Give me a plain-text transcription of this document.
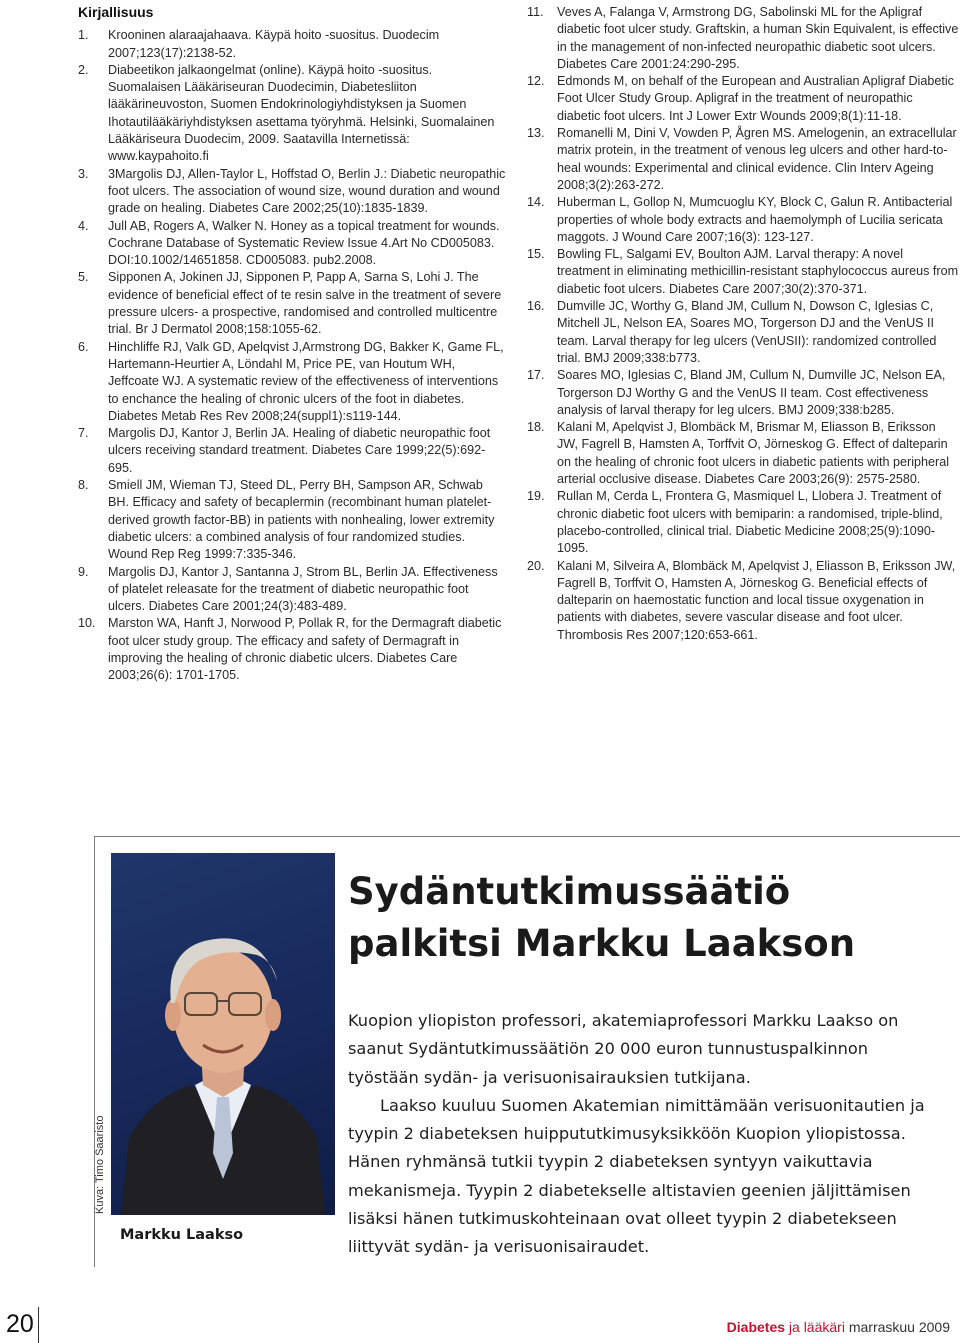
Kirjallisuus
1. Krooninen alaraajahaava. Käypä hoito -suositus. Duodecim 2007;123(17):2138-52.
2. Diabeetikon jalkaongelmat (online). Käypä hoito -suositus. Suomalaisen Lääkäriseuran Duodecimin, Diabetesliiton lääkärineuvoston, Suomen Endokrinologiyhdistyksen ja Suomen Ihotautilääkäriyhdistyksen asettama työryhmä. Helsinki, Suomalainen Lääkäriseura Duodecim, 2009. Saatavilla Internetissä: www.kaypahoito.fi
3. 3Margolis DJ, Allen-Taylor L, Hoffstad O, Berlin J.: Diabetic neuropathic foot ulcers. The association of wound size, wound duration and wound grade on healing. Diabetes Care 2002;25(10):1835-1839.
4. Jull AB, Rogers A, Walker N. Honey as a topical treatment for wounds. Cochrane Database of Systematic Review Issue 4.Art No CD005083. DOI:10.1002/14651858. CD005083. pub2.2008.
5. Sipponen A, Jokinen JJ, Sipponen P, Papp A, Sarna S, Lohi J. The evidence of beneficial effect of te resin salve in the treatment of severe pressure ulcers- a prospective, randomised and controlled multicentre trial. Br J Dermatol 2008;158:1055-62.
6. Hinchliffe RJ, Valk GD, Apelqvist J,Armstrong DG, Bakker K, Game FL, Hartemann-Heurtier A, Löndahl M, Price PE, van Houtum WH, Jeffcoate WJ. A systematic review of the effectiveness of interventions to enchance the healing of chronic ulcers of the foot in diabetes. Diabetes Metab Res Rev 2008;24(suppl1):s119-144.
7. Margolis DJ, Kantor J, Berlin JA. Healing of diabetic neuropathic foot ulcers receiving standard treatment. Diabetes Care 1999;22(5):692-695.
8. Smiell JM, Wieman TJ, Steed DL, Perry BH, Sampson AR, Schwab BH. Efficacy and safety of becaplermin (recombinant human platelet-derived growth factor-BB) in patients with nonhealing, lower extremity diabetic ulcers: a combined analysis of four randomized studies. Wound Rep Reg 1999:7:335-346.
9. Margolis DJ, Kantor J, Santanna J, Strom BL, Berlin JA. Effectiveness of platelet releasate for the treatment of diabetic neuropathic foot ulcers. Diabetes Care 2001;24(3):483-489.
10. Marston WA, Hanft J, Norwood P, Pollak R, for the Dermagraft diabetic foot ulcer study group. The efficacy and safety of Dermagraft in improving the healing of chronic diabetic ulcers. Diabetes Care 2003;26(6): 1701-1705.
11. Veves A, Falanga V, Armstrong DG, Sabolinski ML for the Apligraf diabetic foot ulcer study. Graftskin, a human Skin Equivalent, is effective in the management of non-infected neuropathic diabetic soot ulcers. Diabetes Care 2001:24:290-295.
12. Edmonds M, on behalf of the European and Australian Apligraf Diabetic Foot Ulcer Study Group. Apligraf in the treatment of neuropathic diabetic foot ulcers. Int J Lower Extr Wounds 2009;8(1):11-18.
13. Romanelli M, Dini V, Vowden P, Ågren MS. Amelogenin, an extracellular matrix protein, in the treatment of venous leg ulcers and other hard-to-heal wounds: Experimental and clinical evidence. Clin Interv Ageing 2008;3(2):263-272.
14. Huberman L, Gollop N, Mumcuoglu KY, Block C, Galun R. Antibacterial properties of whole body extracts and haemolymph of Lucilia sericata maggots. J Wound Care 2007;16(3): 123-127.
15. Bowling FL, Salgami EV, Boulton AJM. Larval therapy: A novel treatment in eliminating methicillin-resistant staphylococcus aureus from diabetic foot ulcers. Diabetes Care 2007;30(2):370-371.
16. Dumville JC, Worthy G, Bland JM, Cullum N, Dowson C, Iglesias C, Mitchell JL, Nelson EA, Soares MO, Torgerson DJ and the VenUS II team. Larval therapy for leg ulcers (VenUSII): randomized controlled trial. BMJ 2009;338:b773.
17. Soares MO, Iglesias C, Bland JM, Cullum N, Dumville JC, Nelson EA, Torgerson DJ Worthy G and the VenUS II team. Cost effectiveness analysis of larval therapy for leg ulcers. BMJ 2009;338:b285.
18. Kalani M, Apelqvist J, Blombäck M, Brismar M, Eliasson B, Eriksson JW, Fagrell B, Hamsten A, Torffvit O, Jörneskog G. Effect of dalteparin on the healing of chronic foot ulcers in diabetic patients with peripheral arterial occlusive disease. Diabetes Care 2003;26(9): 2575-2580.
19. Rullan M, Cerda L, Frontera G, Masmiquel L, Llobera J. Treatment of chronic diabetic foot ulcers with bemiparin: a randomised, triple-blind, placebo-controlled, clinical trial. Diabetic Medicine 2008;25(9):1090-1095.
20. Kalani M, Silveira A, Blombäck M, Apelqvist J, Eliasson B, Eriksson JW, Fagrell B, Torffvit O, Hamsten A, Jörneskog G. Beneficial effects of dalteparin on haemostatic function and local tissue oxygenation in patients with diabetes, severe vascular disease and foot ulcer. Thrombosis Res 2007;120:653-661.
Kuva: Timo Saaristo
Markku Laakso
Sydäntutkimussäätiö palkitsi Markku Laakson

Kuopion yliopiston professori, akatemiaprofessori Markku Laakso on saanut Sydäntutkimussäätiön 20 000 euron tunnustuspalkinnon työstään sydän- ja verisuonisairauksien tutkijana.

Laakso kuuluu Suomen Akatemian nimittämään verisuonitautien ja tyypin 2 diabeteksen huippututkimusyksikköön Kuopion yliopistossa. Hänen ryhmänsä tutkii tyypin 2 diabeteksen syntyyn vaikuttavia mekanismeja. Tyypin 2 diabetekselle altistavien geenien jäljittämisen lisäksi hänen tutkimuskohteinaan ovat olleet tyypin 2 diabetekseen liittyvät sydän- ja verisuonisairaudet.

20	Diabetes ja lääkäri marraskuu 2009
